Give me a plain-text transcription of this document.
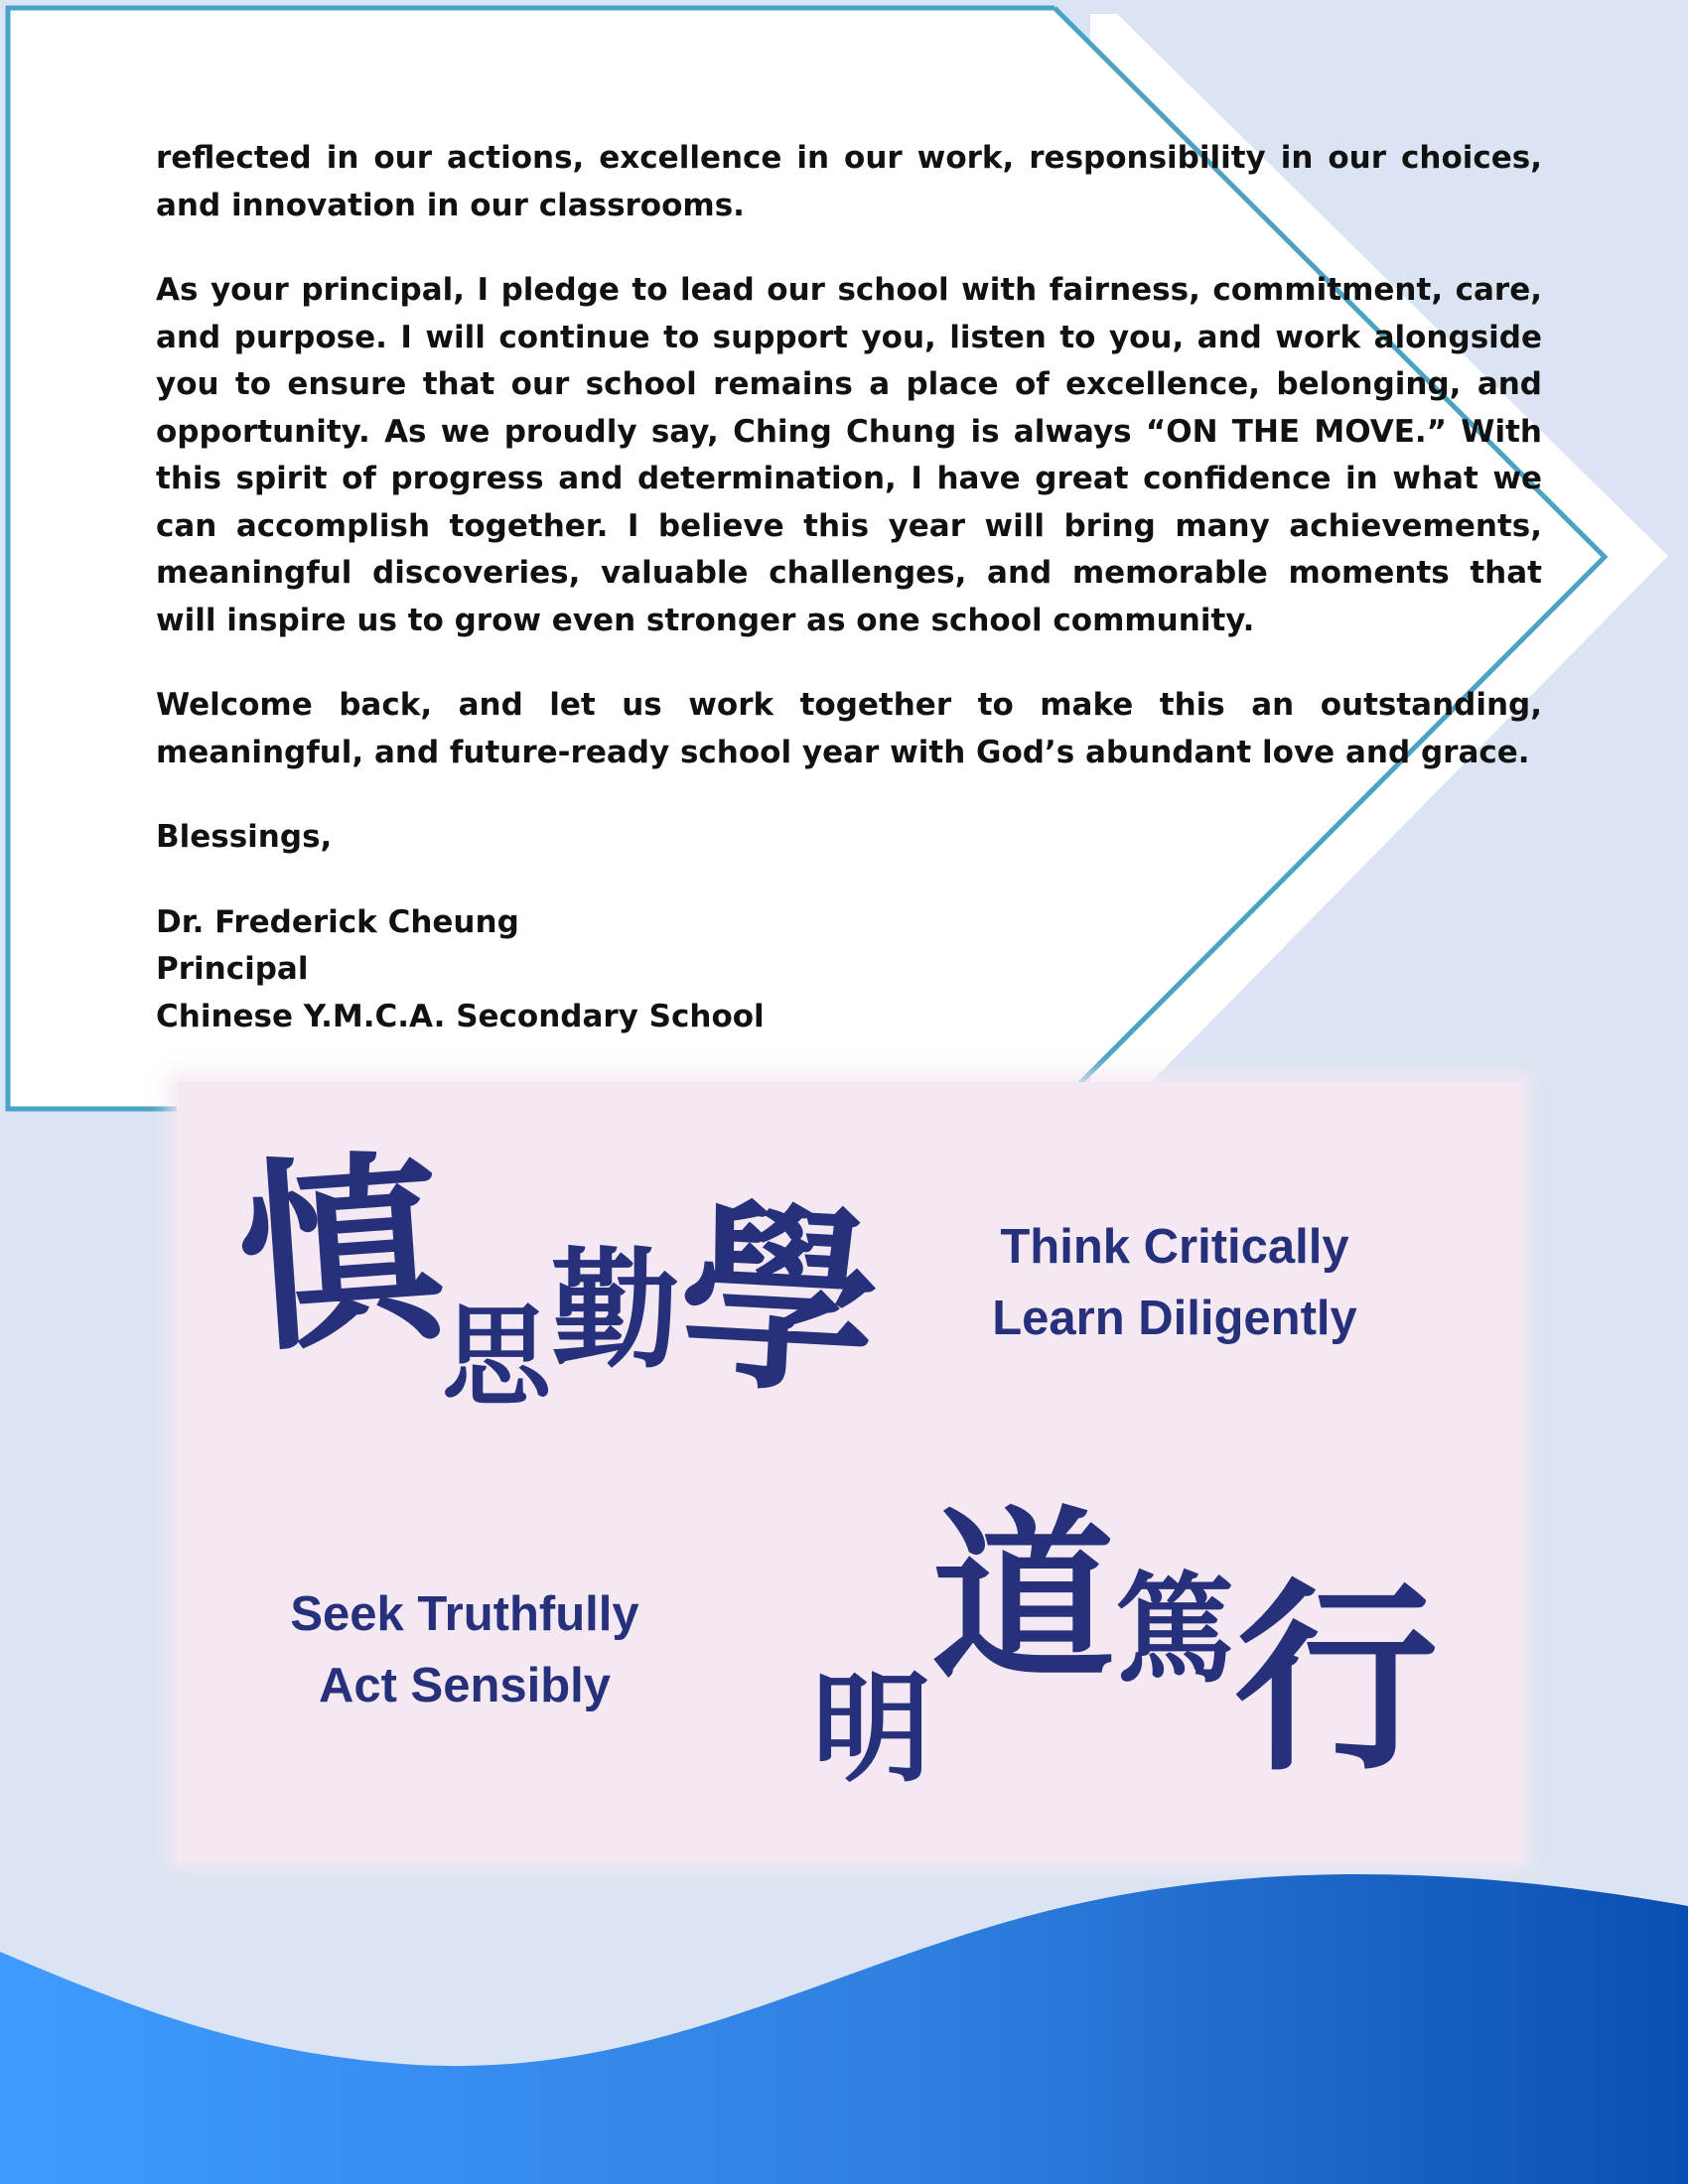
reflected in our actions, excellence in our work, responsibility in our choices, and innovation in our classrooms.

As your principal, I pledge to lead our school with fairness, commitment, care, and purpose. I will continue to support you, listen to you, and work alongside you to ensure that our school remains a place of excellence, belonging, and opportunity. As we proudly say, Ching Chung is always “ON THE MOVE.” With this spirit of progress and determination, I have great confidence in what we can accomplish together. I believe this year will bring many achievements, meaningful discoveries, valuable challenges, and memorable moments that will inspire us to grow even stronger as one school community.

Welcome back, and let us work together to make this an outstanding, meaningful, and future-ready school year with God’s abundant love and grace.

Blessings,
Dr. Frederick Cheung
Principal
Chinese Y.M.C.A. Secondary School
慎思勤學	Think Critically
Learn Diligently
Seek Truthfully
Act Sensibly	明道篤行
